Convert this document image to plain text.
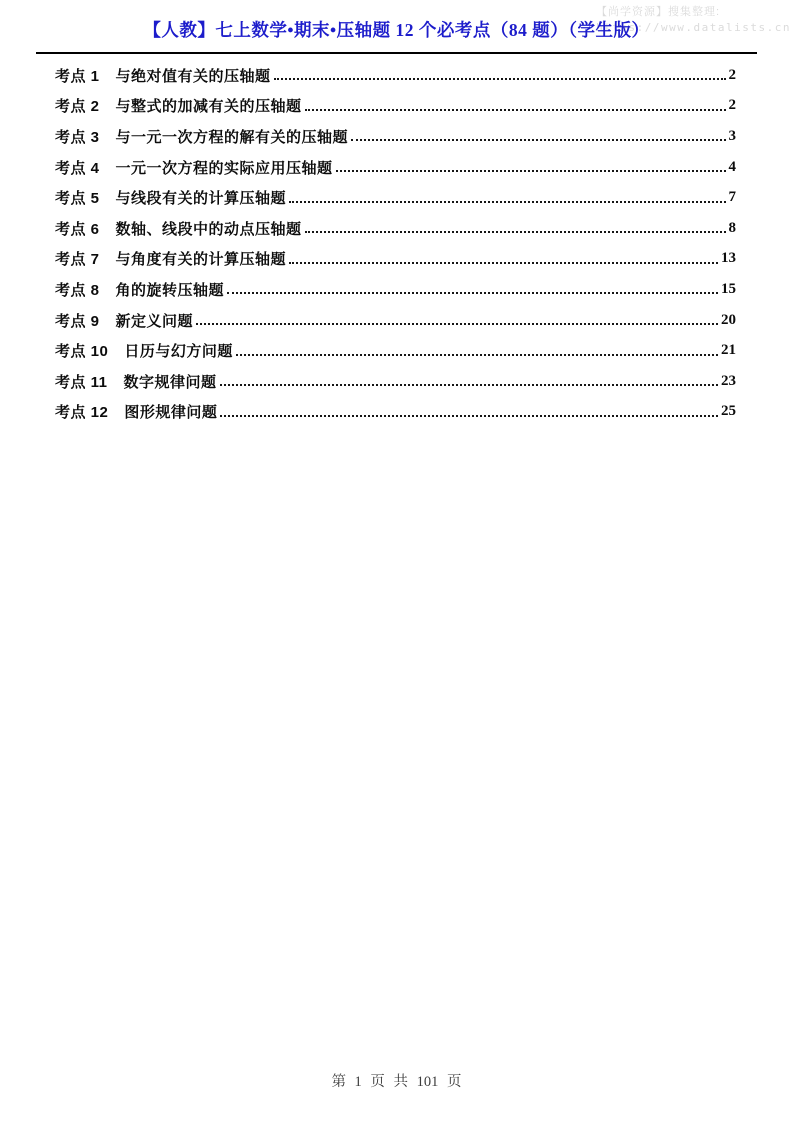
【尚学资源】搜集整理:
https://www.datalists.cn
【人教】七上数学•期末•压轴题 12 个必考点（84 题）（学生版）
考点 1 与绝对值有关的压轴题	2
考点 2 与整式的加减有关的压轴题	2
考点 3 与一元一次方程的解有关的压轴题	3
考点 4 一元一次方程的实际应用压轴题	4
考点 5 与线段有关的计算压轴题	7
考点 6 数轴、线段中的动点压轴题	8
考点 7 与角度有关的计算压轴题	13
考点 8 角的旋转压轴题	15
考点 9 新定义问题	20
考点 10 日历与幻方问题	21
考点 11 数字规律问题	23
考点 12 图形规律问题	25
第 1 页 共 101 页
